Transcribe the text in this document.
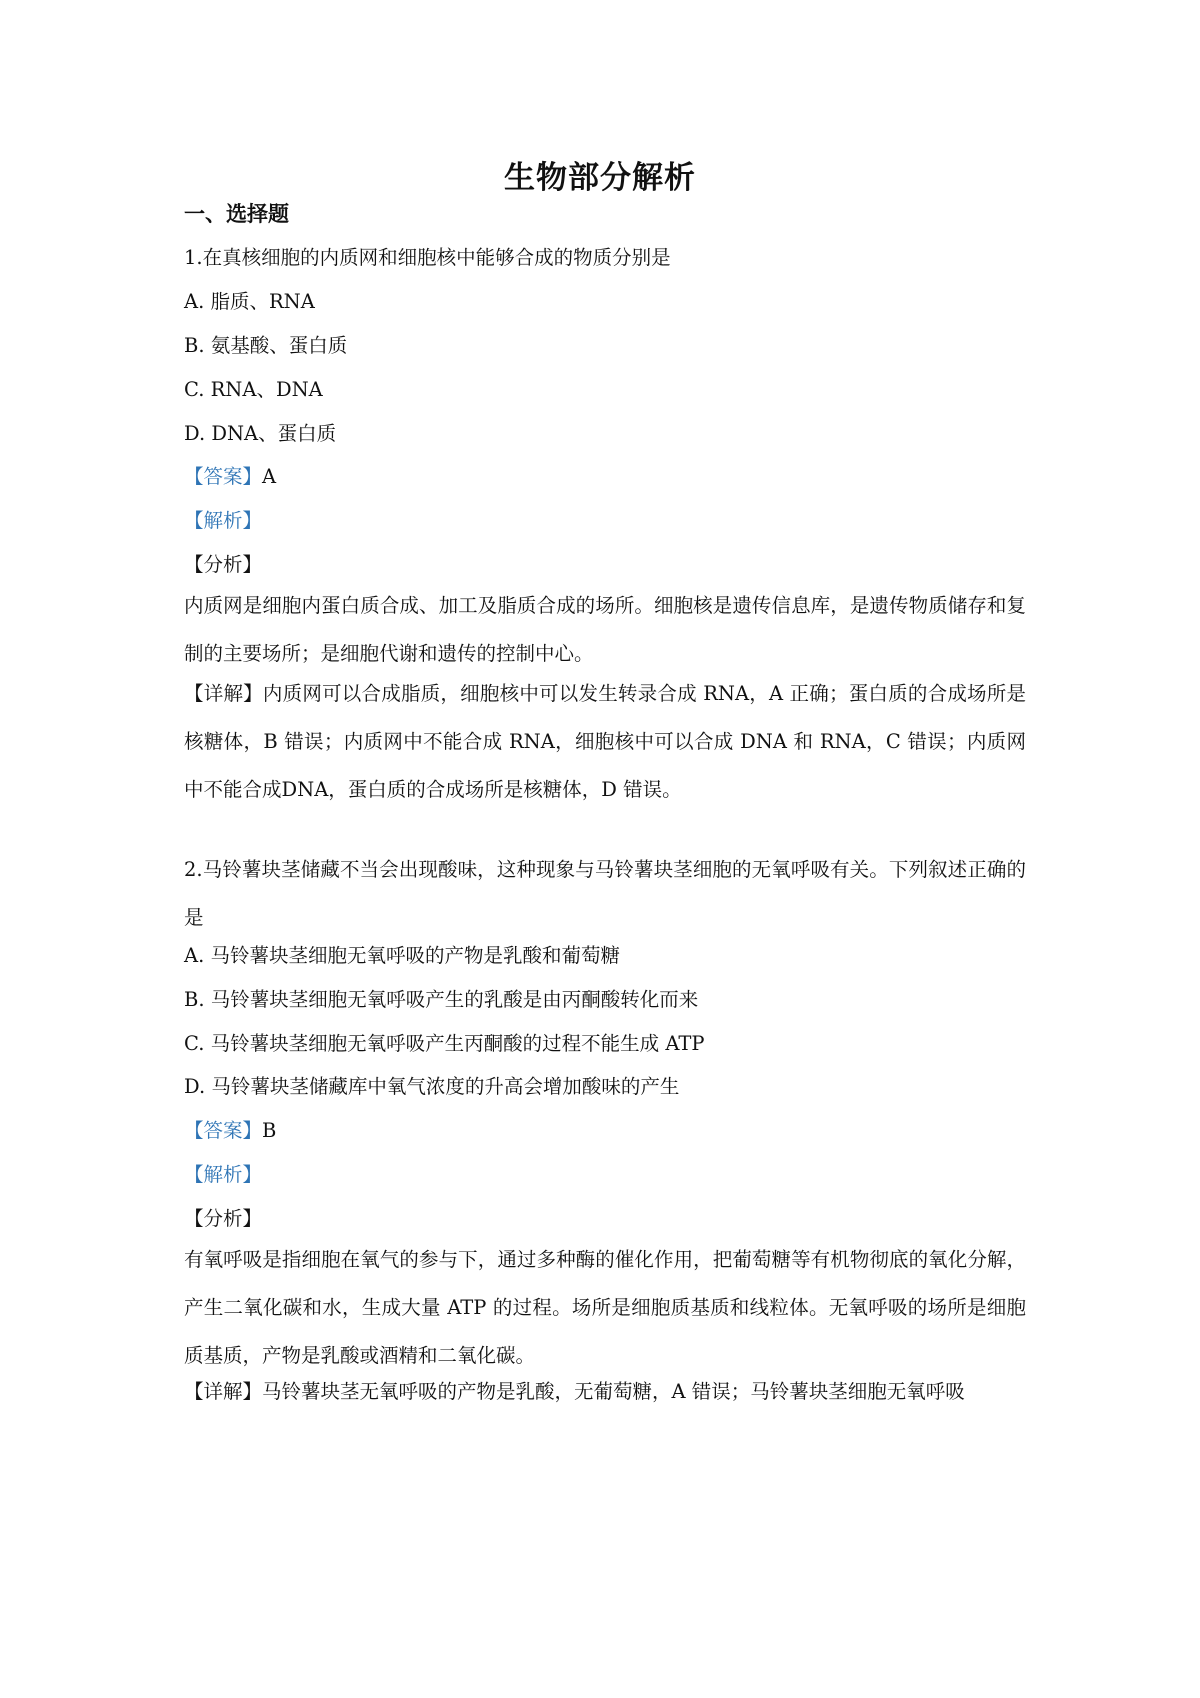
生物部分解析
一、选择题
1.在真核细胞的内质网和细胞核中能够合成的物质分别是
A. 脂质、RNA
B. 氨基酸、蛋白质
C. RNA、DNA
D. DNA、蛋白质
【答案】A
【解析】
【分析】
内质网是细胞内蛋白质合成、加工及脂质合成的场所。细胞核是遗传信息库，是遗传物质储存和复制的主要场所；是细胞代谢和遗传的控制中心。
【详解】内质网可以合成脂质，细胞核中可以发生转录合成 RNA，A 正确；蛋白质的合成场所是核糖体，B 错误；内质网中不能合成 RNA，细胞核中可以合成 DNA 和 RNA，C 错误；内质网中不能合成DNA，蛋白质的合成场所是核糖体，D 错误。
2.马铃薯块茎储藏不当会出现酸味，这种现象与马铃薯块茎细胞的无氧呼吸有关。下列叙述正确的是
A. 马铃薯块茎细胞无氧呼吸的产物是乳酸和葡萄糖
B. 马铃薯块茎细胞无氧呼吸产生的乳酸是由丙酮酸转化而来
C. 马铃薯块茎细胞无氧呼吸产生丙酮酸的过程不能生成 ATP
D. 马铃薯块茎储藏库中氧气浓度的升高会增加酸味的产生
【答案】B
【解析】
【分析】
有氧呼吸是指细胞在氧气的参与下，通过多种酶的催化作用，把葡萄糖等有机物彻底的氧化分解，产生二氧化碳和水，生成大量 ATP 的过程。场所是细胞质基质和线粒体。无氧呼吸的场所是细胞质基质，产物是乳酸或酒精和二氧化碳。
【详解】马铃薯块茎无氧呼吸的产物是乳酸，无葡萄糖，A 错误；马铃薯块茎细胞无氧呼吸
